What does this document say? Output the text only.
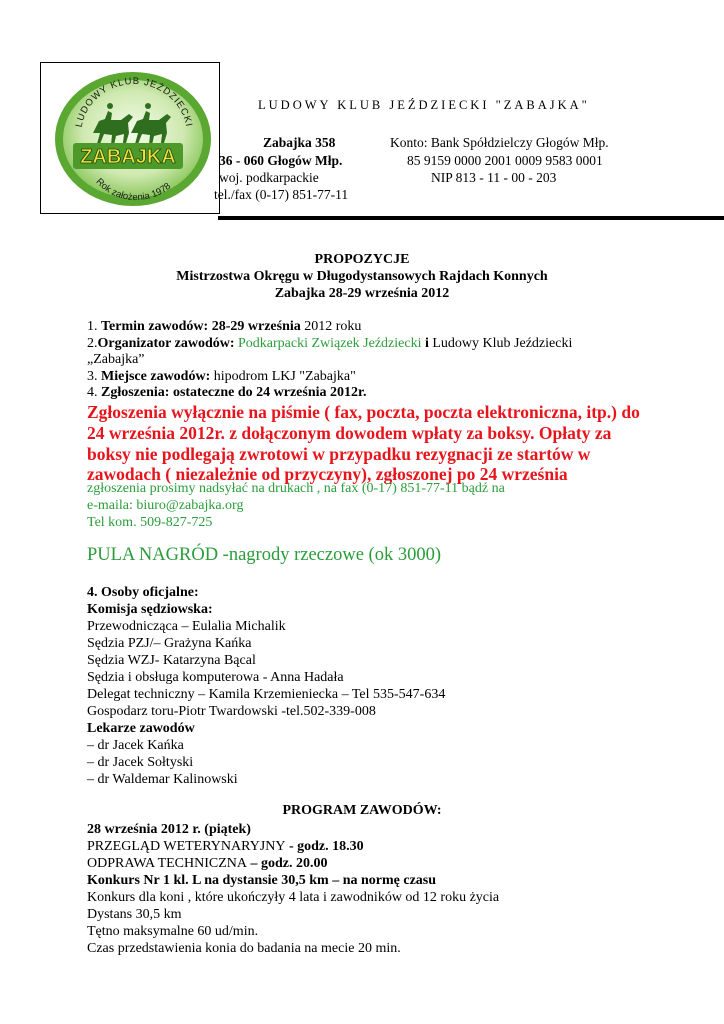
LUDOWY KLUB JEŹDZIECKI
ZABAJKA
Rok założenia 1978
LUDOWY KLUB JEŹDZIECKI "ZABAJKA"
Zabajka 358
36 - 060 Głogów Młp.
woj. podkarpackie
tel./fax (0-17) 851-77-11
Konto: Bank Spółdzielczy Głogów Młp.
85 9159 0000 2001 0009 9583 0001
NIP 813 - 11 - 00 - 203
PROPOZYCJE
Mistrzostwa Okręgu w Długodystansowych Rajdach Konnych
Zabajka 28-29 września 2012
1. Termin zawodów: 28-29 września 2012 roku
2.Organizator zawodów: Podkarpacki Związek Jeździecki i Ludowy Klub Jeździecki
„Zabajka”
3. Miejsce zawodów: hipodrom LKJ "Zabajka"
4. Zgłoszenia: ostateczne do 24 września 2012r.
Zgłoszenia wyłącznie na piśmie ( fax, poczta, poczta elektroniczna, itp.) do
24 września 2012r. z dołączonym dowodem wpłaty za boksy. Opłaty za
boksy nie podlegają zwrotowi w przypadku rezygnacji ze startów w
zawodach ( niezależnie od przyczyny), zgłoszonej po 24 września
zgłoszenia prosimy nadsyłać na drukach , na fax (0-17) 851-77-11 bądź na
e-maila: biuro@zabajka.org
Tel kom. 509-827-725
PULA NAGRÓD -nagrody rzeczowe (ok 3000)
4. Osoby oficjalne:
Komisja sędziowska:
Przewodnicząca – Eulalia Michalik
Sędzia PZJ/– Grażyna Kańka
Sędzia WZJ- Katarzyna Bącal
Sędzia i obsługa komputerowa - Anna Hadała
Delegat techniczny – Kamila Krzemieniecka – Tel 535-547-634
Gospodarz toru-Piotr Twardowski -tel.502-339-008
Lekarze zawodów
– dr Jacek Kańka
– dr Jacek Sołtyski
– dr Waldemar Kalinowski
PROGRAM ZAWODÓW:
28 września 2012 r. (piątek)
PRZEGLĄD WETERYNARYJNY - godz. 18.30
ODPRAWA TECHNICZNA – godz. 20.00
Konkurs Nr 1 kl. L na dystansie 30,5 km – na normę czasu
Konkurs dla koni , które ukończyły 4 lata i zawodników od 12 roku życia
Dystans 30,5 km
Tętno maksymalne 60 ud/min.
Czas przedstawienia konia do badania na mecie 20 min.
